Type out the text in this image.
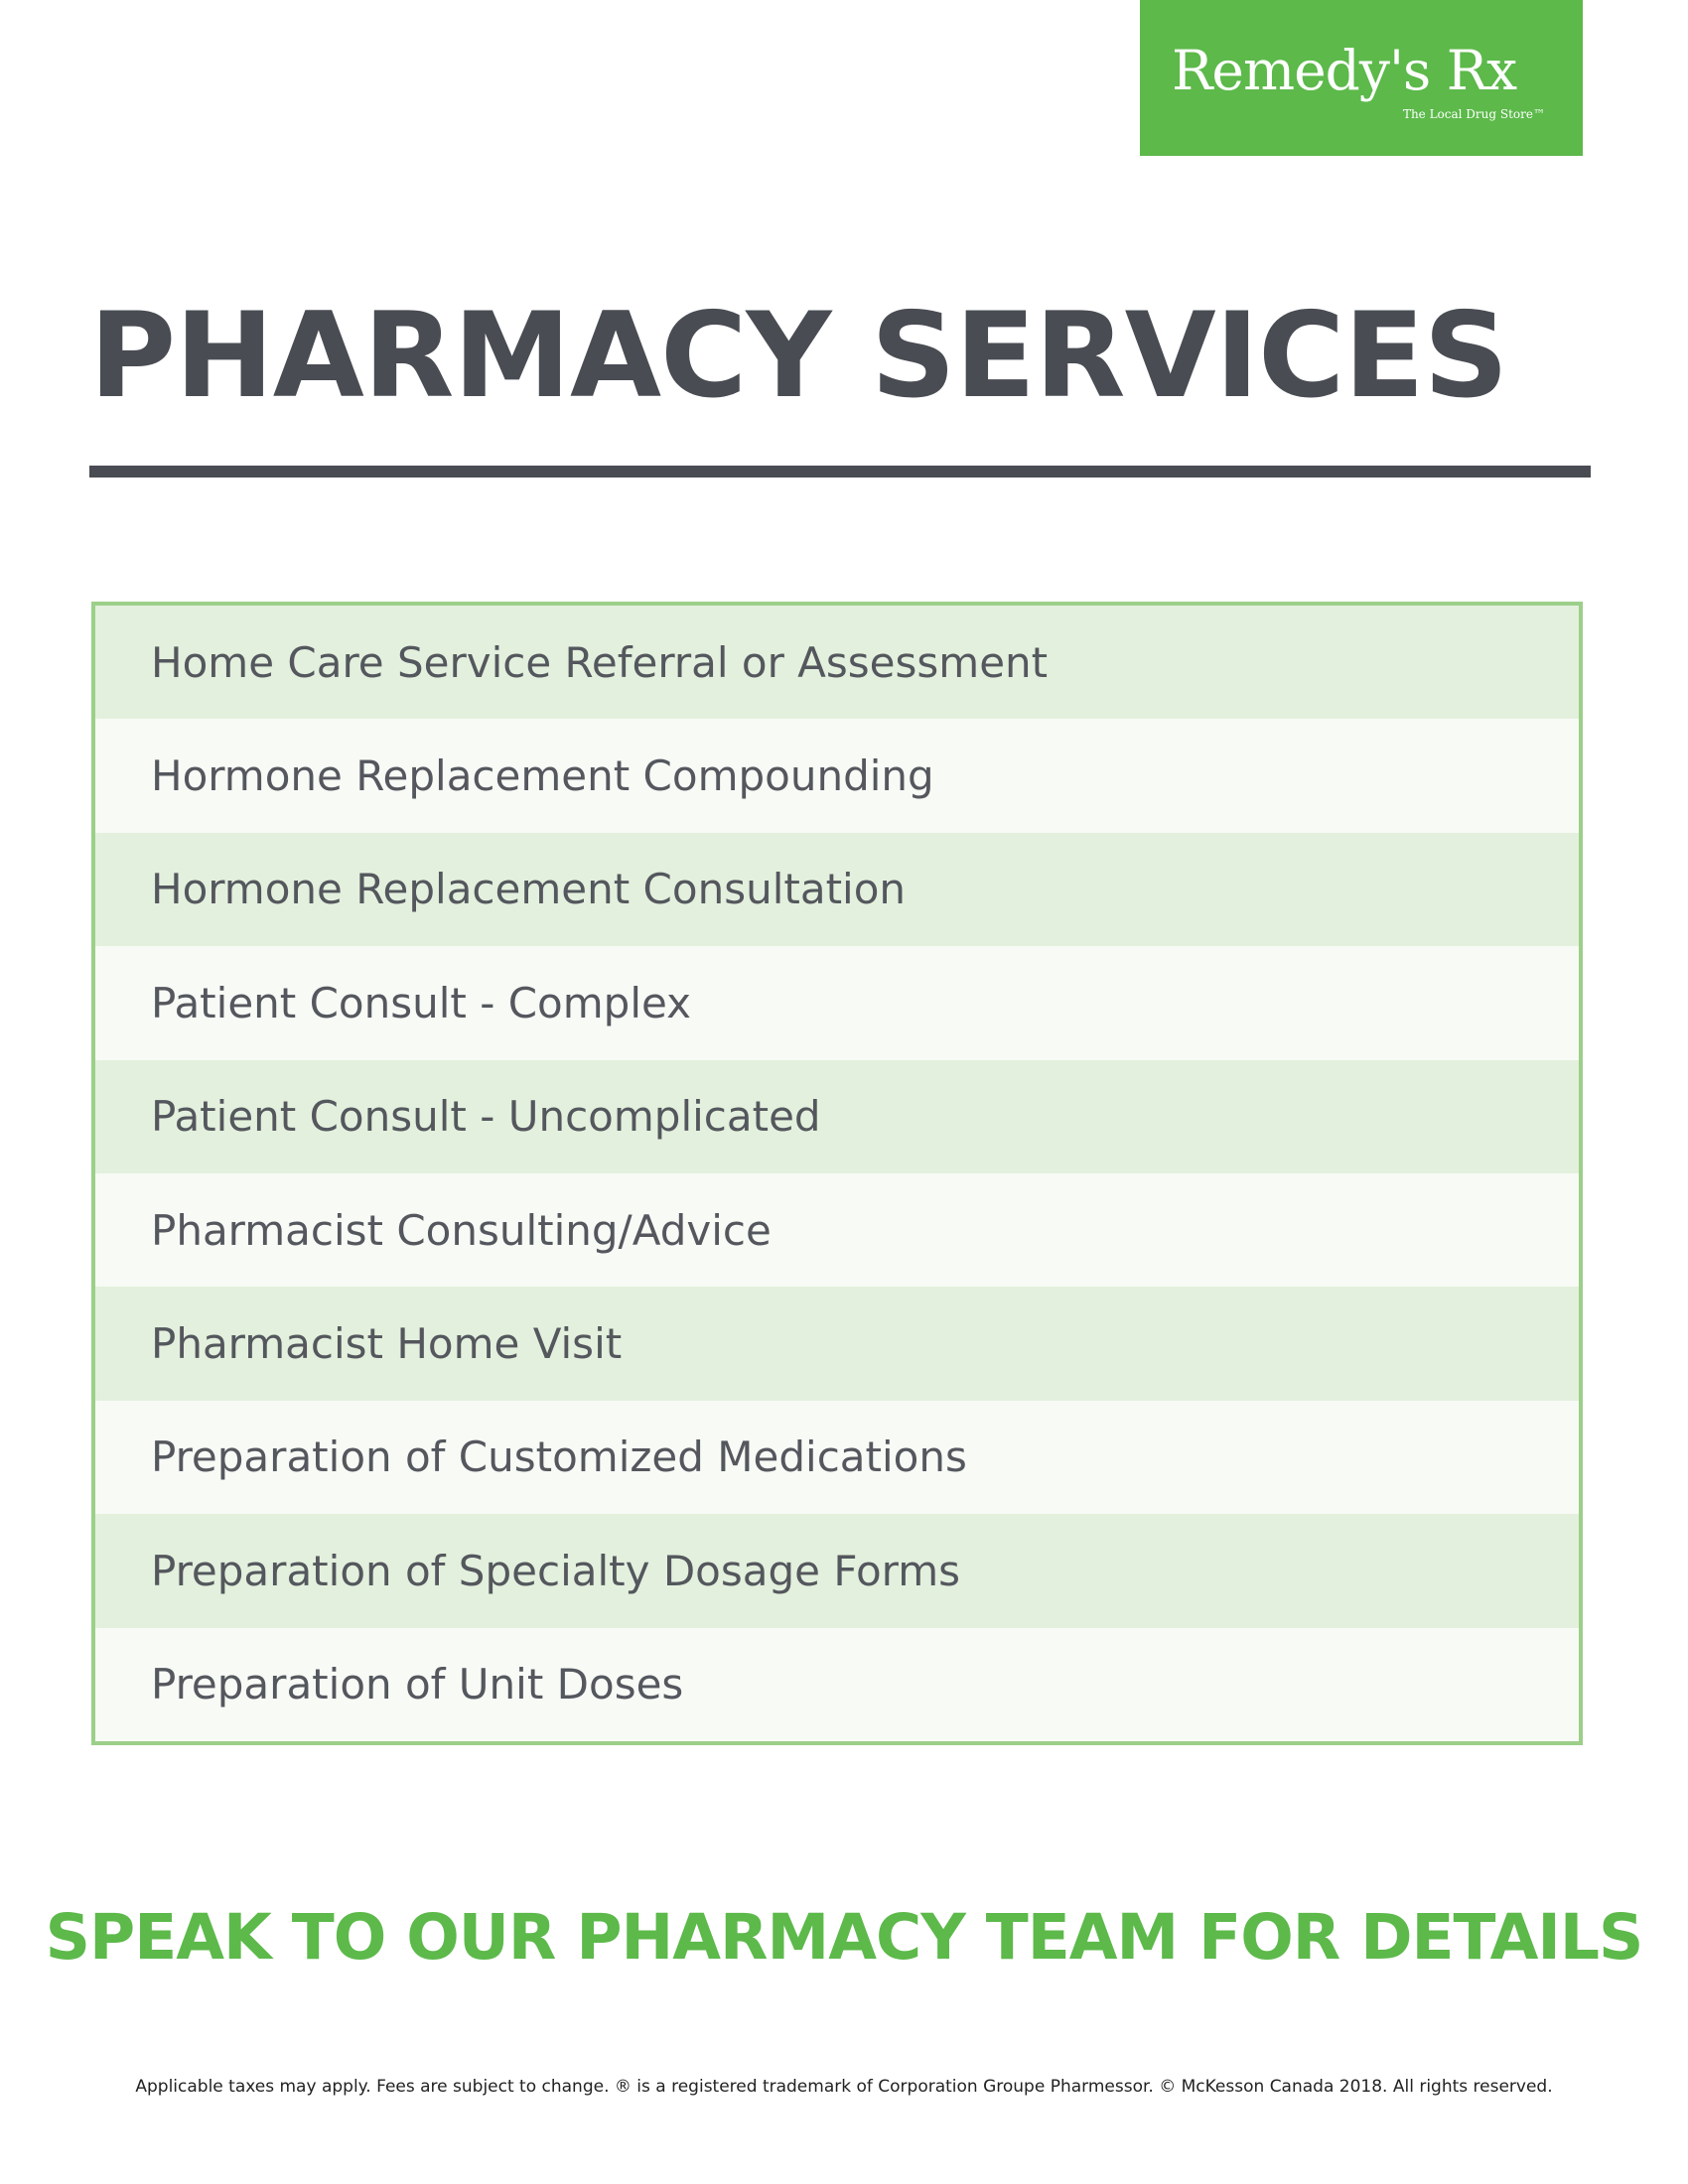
Remedy's Rx
The Local Drug Store™
PHARMACY SERVICES
Home Care Service Referral or Assessment
Hormone Replacement Compounding
Hormone Replacement Consultation
Patient Consult - Complex
Patient Consult - Uncomplicated
Pharmacist Consulting/Advice
Pharmacist Home Visit
Preparation of Customized Medications
Preparation of Specialty Dosage Forms
Preparation of Unit Doses
SPEAK TO OUR PHARMACY TEAM FOR DETAILS
Applicable taxes may apply. Fees are subject to change. ® is a registered trademark of Corporation Groupe Pharmessor. © McKesson Canada 2018. All rights reserved.
